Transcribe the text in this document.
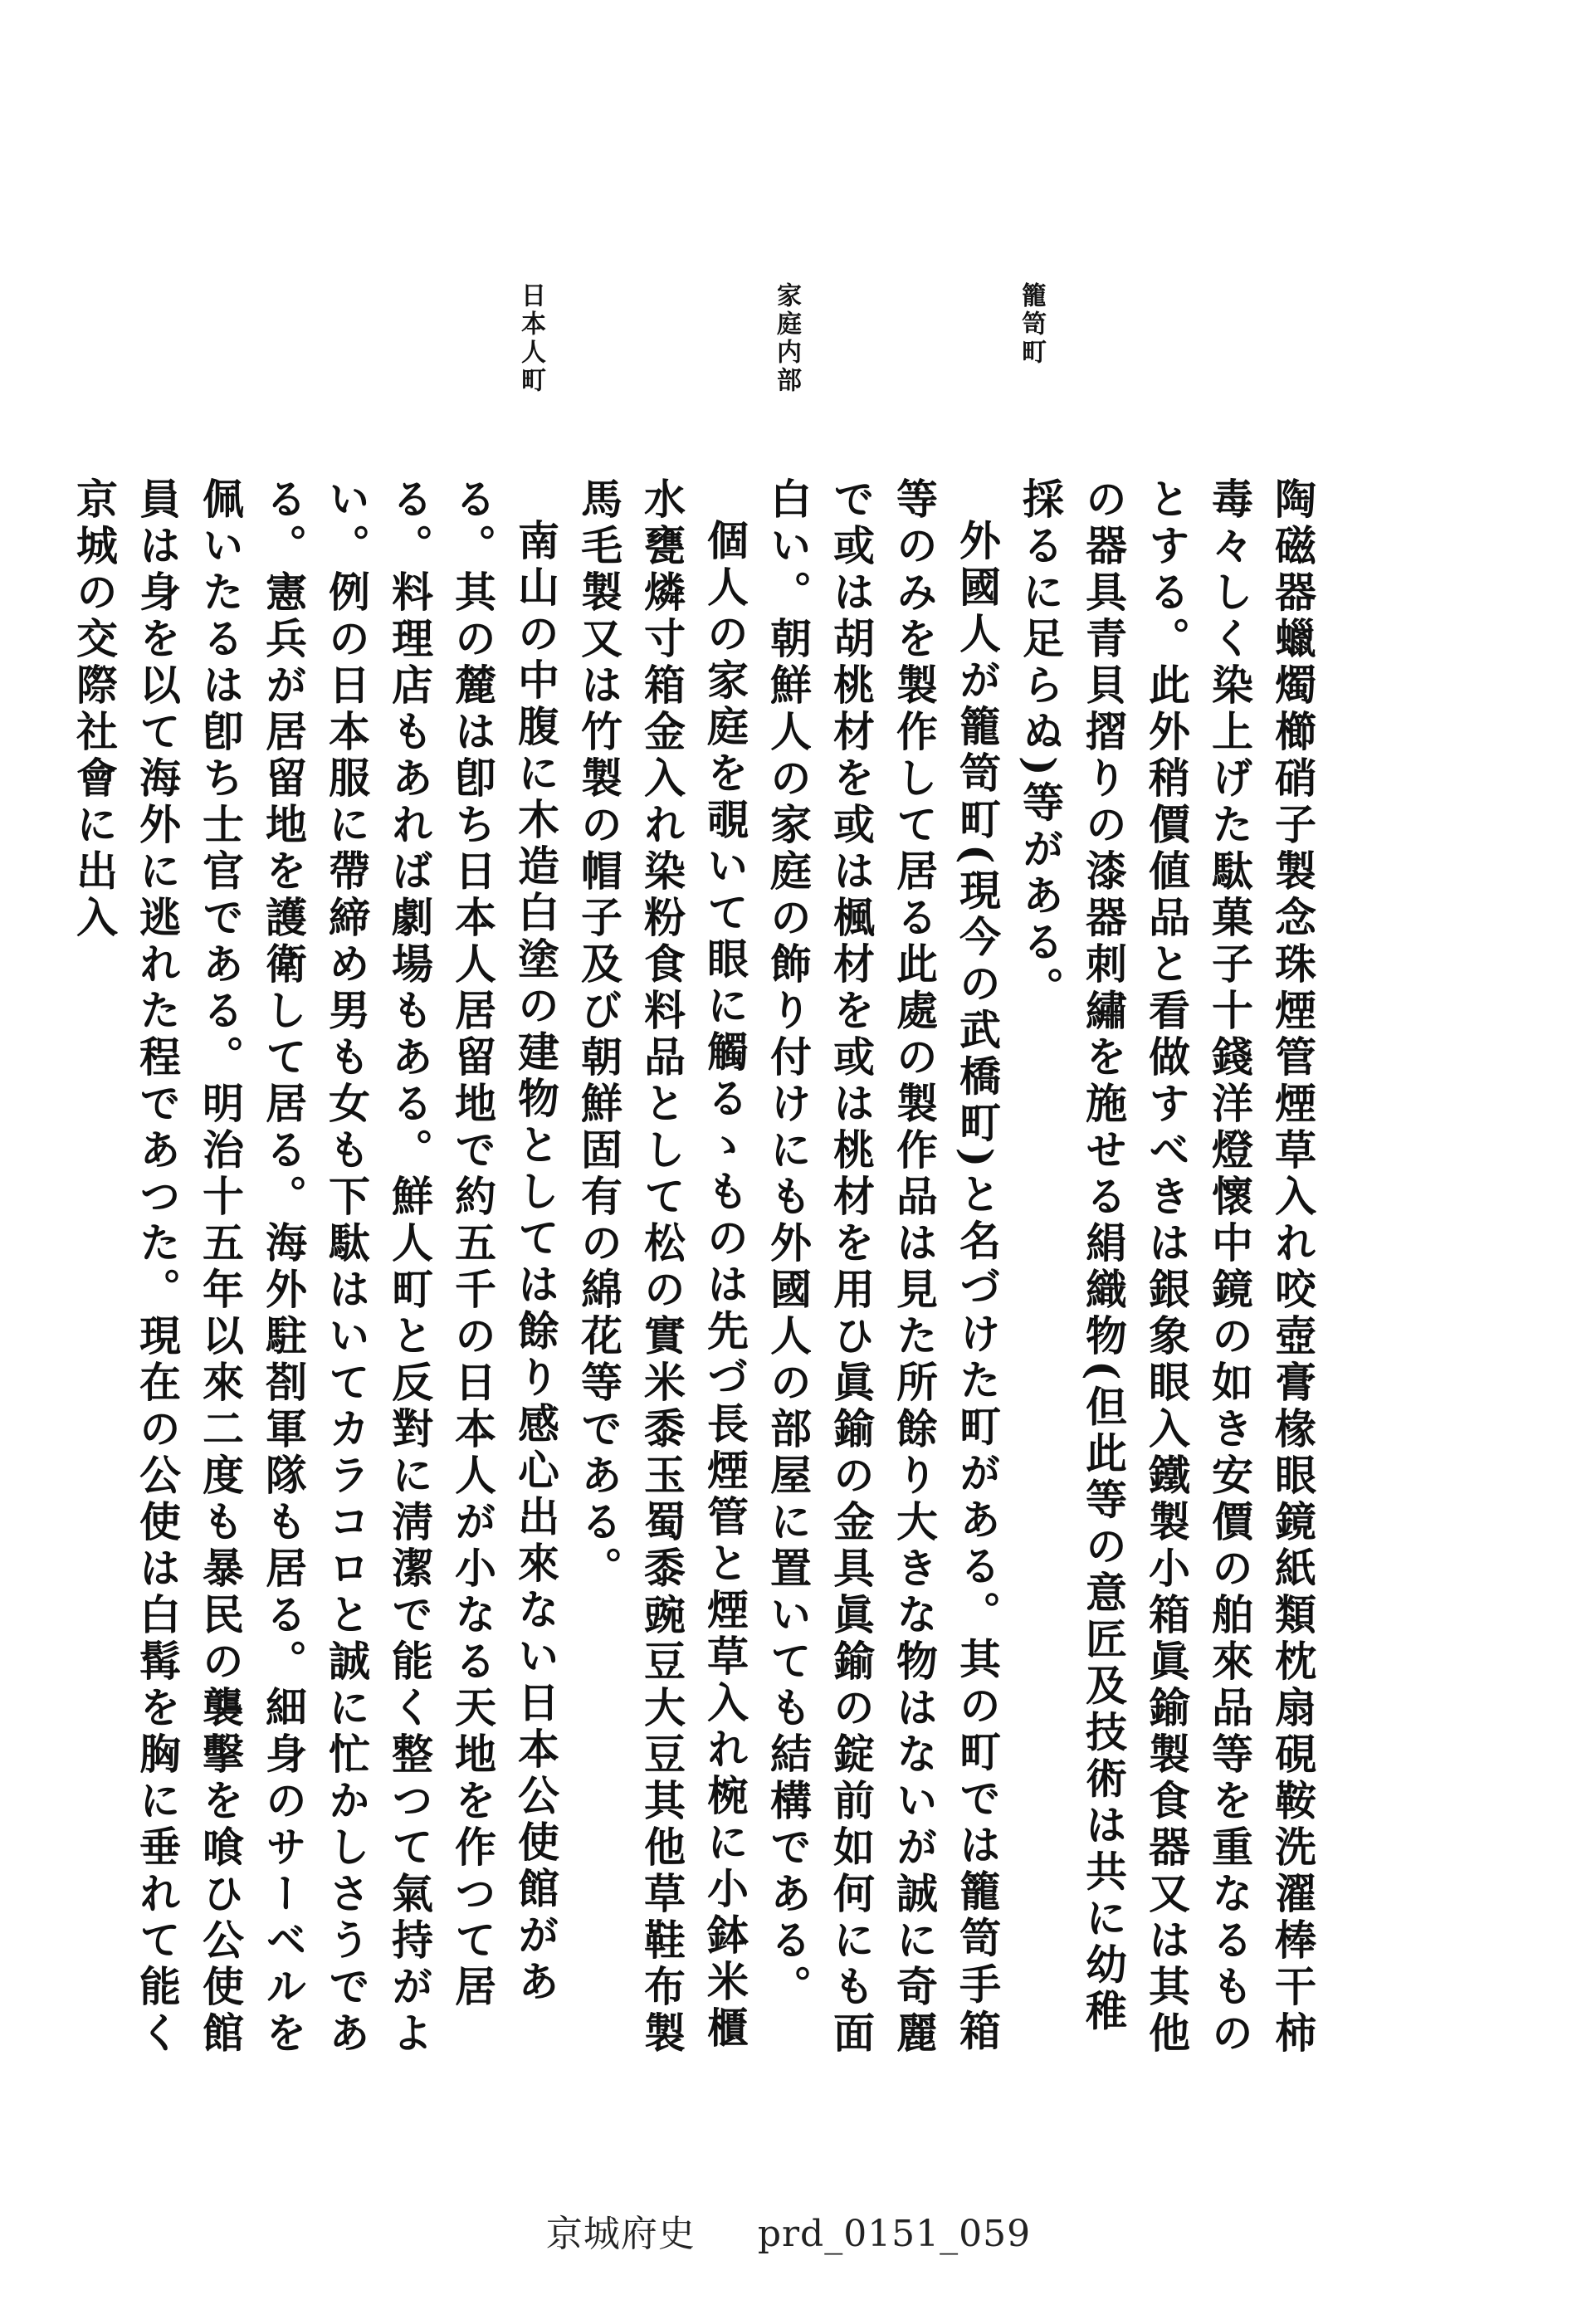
籠笥町
家庭内部
日本人町

陶磁器蠟燭櫛硝子製念珠煙管煙草入れ咬壺膏椽眼鏡紙類枕扇硯鞍洗濯棒干柿毒々しく染上げた駄菓子十錢洋燈懷中鏡の如き安價の舶來品等を重なるものとする。此外稍價値品と看做すべきは銀象眼入鐵製小箱眞鍮製食器又は其他の器具青貝摺りの漆器刺繡を施せる絹織物(但此等の意匠及技術は共に幼稚採るに足らぬ)等がある。

外國人が籠笥町(現今の武橋町)と名づけた町がある。其の町では籠笥手箱等のみを製作して居る此處の製作品は見た所餘り大きな物はないが誠に奇麗で或は胡桃材を或は楓材を或は桃材を用ひ眞鍮の金具眞鍮の錠前如何にも面白い。朝鮮人の家庭の飾り付けにも外國人の部屋に置いても結構である。

個人の家庭を覗いて眼に觸るゝものは先づ長煙管と煙草入れ椀に小鉢米櫃水甕燐寸箱金入れ染粉食料品として松の實米黍玉蜀黍豌豆大豆其他草鞋布製馬毛製又は竹製の帽子及び朝鮮固有の綿花等である。

南山の中腹に木造白塗の建物としては餘り感心出來ない日本公使館がある。其の麓は卽ち日本人居留地で約五千の日本人が小なる天地を作つて居る。料理店もあれば劇場もある。鮮人町と反對に淸潔で能く整つて氣持がよい。例の日本服に帶締め男も女も下駄はいてカラコロと誠に忙かしさうである。憲兵が居留地を護衛して居る。海外駐剳軍隊も居る。細身のサーベルを佩いたるは卽ち士官である。明治十五年以來二度も暴民の襲擊を喰ひ公使館員は身を以て海外に逃れた程であつた。現在の公使は白髯を胸に垂れて能く京城の交際社會に出入

京城府史 prd_0151_059
